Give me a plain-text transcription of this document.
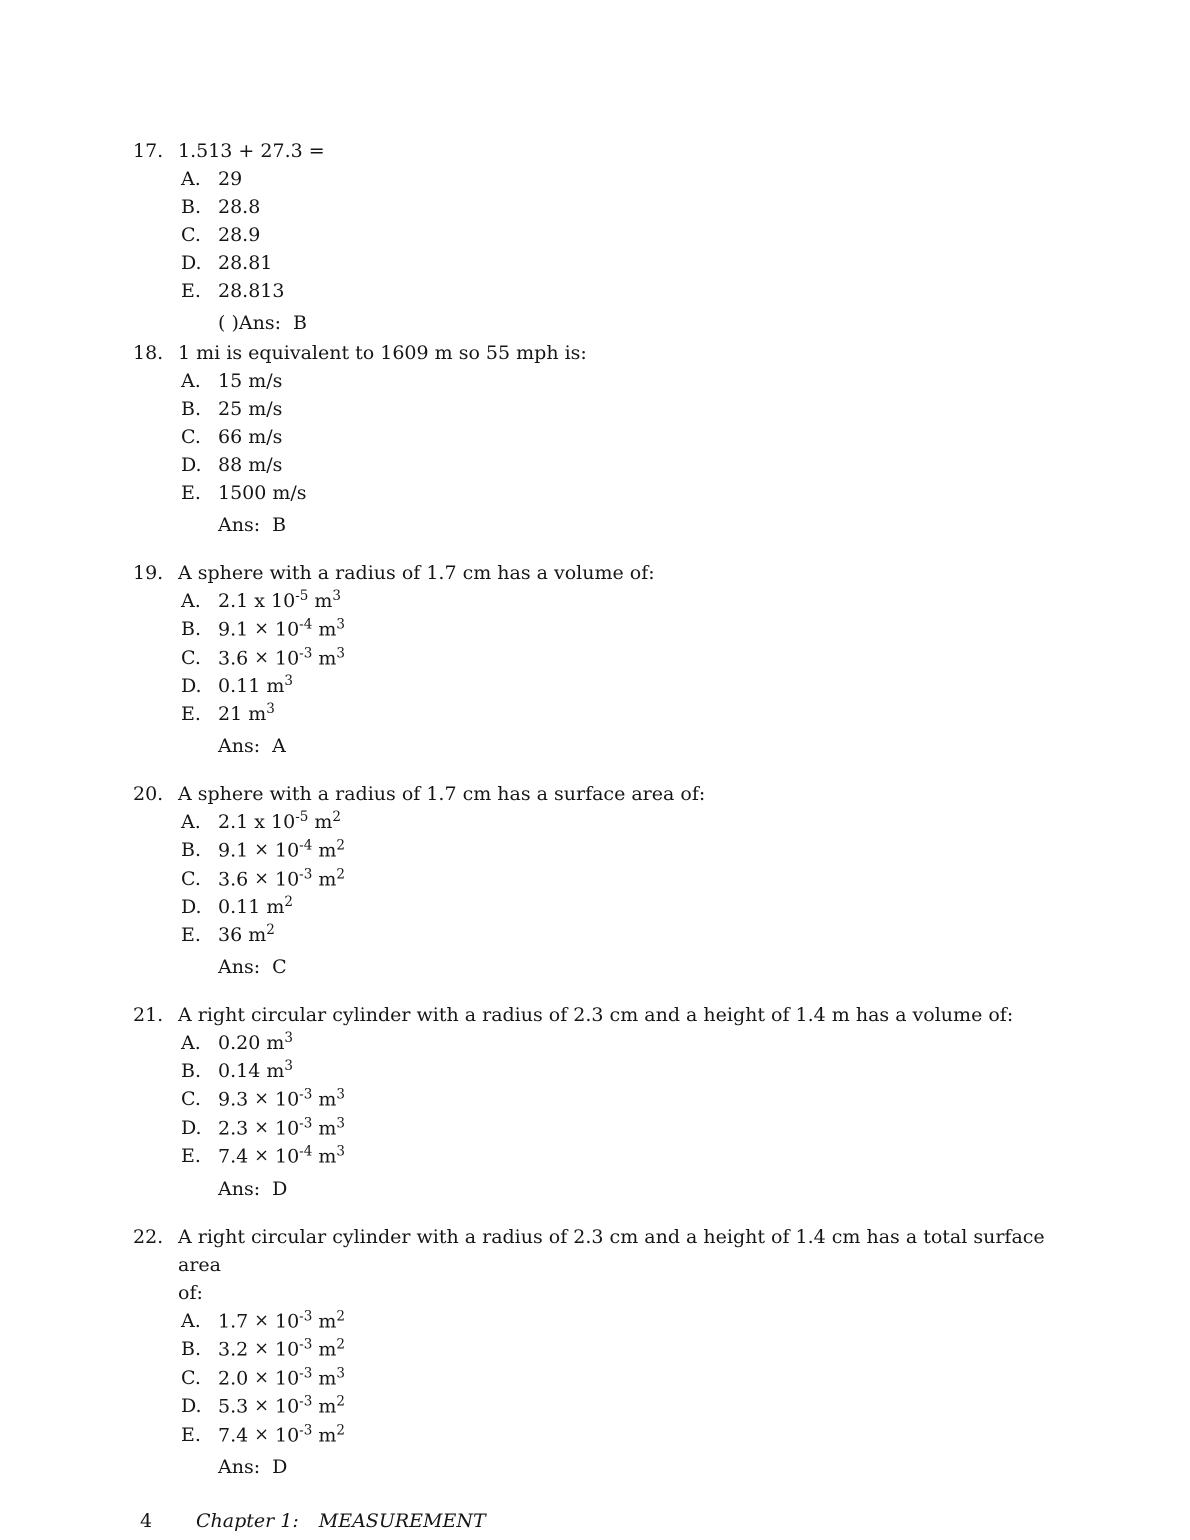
17. 1.513 + 27.3 =
A. 29
B. 28.8
C. 28.9
D. 28.81
E. 28.813
( )Ans: B
18. 1 mi is equivalent to 1609 m so 55 mph is:
A. 15 m/s
B. 25 m/s
C. 66 m/s
D. 88 m/s
E. 1500 m/s
Ans: B
19. A sphere with a radius of 1.7 cm has a volume of:
A. 2.1 x $10^{-5}$ $m^3$
B. $9.1 \times 10^{-4}$ $m^3$
C. $3.6 \times 10^{-3}$ $m^3$
D. 0.11 $m^3$
E. 21 $m^3$
Ans: A
20. A sphere with a radius of 1.7 cm has a surface area of:
A. 2.1 x $10^{-5}$ $m^2$
B. $9.1 \times 10^{-4}$ $m^2$
C. $3.6 \times 10^{-3}$ $m^2$
D. 0.11 $m^2$
E. 36 $m^2$
Ans: C
21. A right circular cylinder with a radius of 2.3 cm and a height of 1.4 m has a volume of:
A. 0.20 $m^3$
B. 0.14 $m^3$
C. $9.3 \times 10^{-3}$ $m^3$
D. $2.3 \times 10^{-3}$ $m^3$
E. $7.4 \times 10^{-4}$ $m^3$
Ans: D
22. A right circular cylinder with a radius of 2.3 cm and a height of 1.4 cm has a total surface area
of:
A. $1.7 \times 10^{-3}$ $m^2$
B. $3.2 \times 10^{-3}$ $m^2$
C. $2.0 \times 10^{-3}$ $m^3$
D. $5.3 \times 10^{-3}$ $m^2$
E. $7.4 \times 10^{-3}$ $m^2$
Ans: D
4	Chapter 1: MEASUREMENT
